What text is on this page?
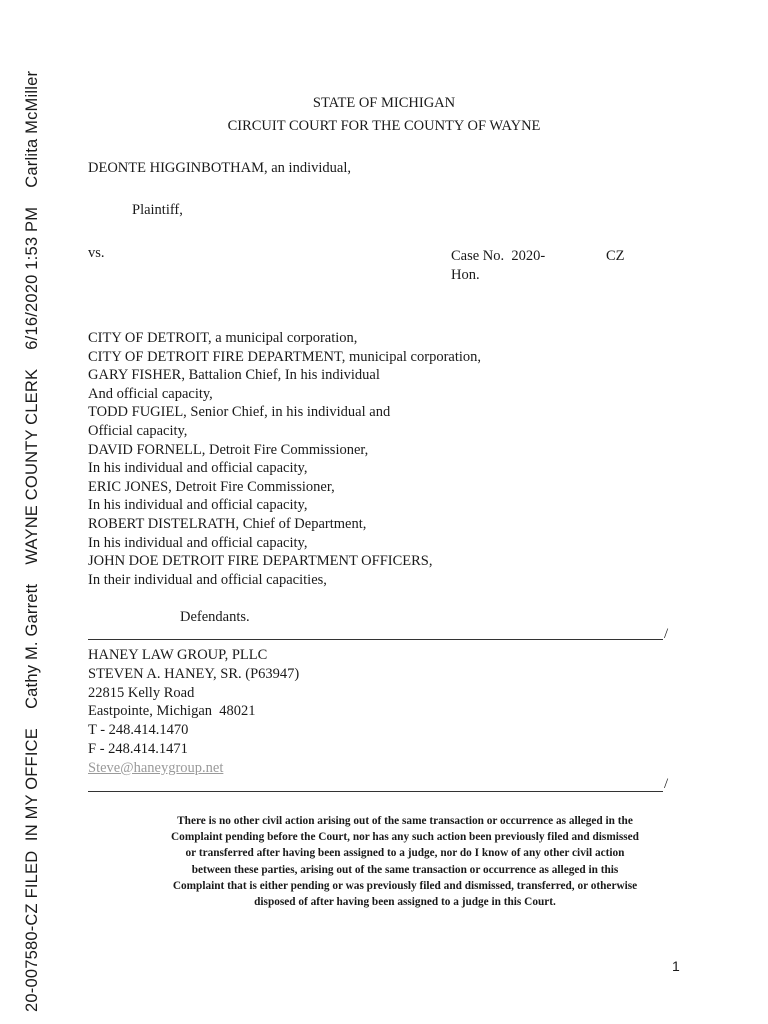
20-007580-CZ FILED  IN MY OFFICE    Cathy M. Garrett    WAYNE COUNTY CLERK    6/16/2020 1:53 PM    Carlita McMiller	STATE OF MICHIGAN
CIRCUIT COURT FOR THE COUNTY OF WAYNE
DEONTE HIGGINBOTHAM, an individual,
Plaintiff,
vs.	Case No.  2020-	CZ
Hon.
CITY OF DETROIT, a municipal corporation,
CITY OF DETROIT FIRE DEPARTMENT, municipal corporation,
GARY FISHER, Battalion Chief, In his individual
And official capacity,
TODD FUGIEL, Senior Chief, in his individual and
Official capacity,
DAVID FORNELL, Detroit Fire Commissioner,
In his individual and official capacity,
ERIC JONES, Detroit Fire Commissioner,
In his individual and official capacity,
ROBERT DISTELRATH, Chief of Department,
In his individual and official capacity,
JOHN DOE DETROIT FIRE DEPARTMENT OFFICERS,
In their individual and official capacities,
Defendants.
/
HANEY LAW GROUP, PLLC
STEVEN A. HANEY, SR. (P63947)
22815 Kelly Road
Eastpointe, Michigan  48021
T - 248.414.1470
F - 248.414.1471
Steve@haneygroup.net
/
There is no other civil action arising out of the same transaction or occurrence as alleged in the Complaint pending before the Court, nor has any such action been previously filed and dismissed or transferred after having been assigned to a judge, nor do I know of any other civil action between these parties, arising out of the same transaction or occurrence as alleged in this Complaint that is either pending or was previously filed and dismissed, transferred, or otherwise disposed of after having been assigned to a judge in this Court.
1
